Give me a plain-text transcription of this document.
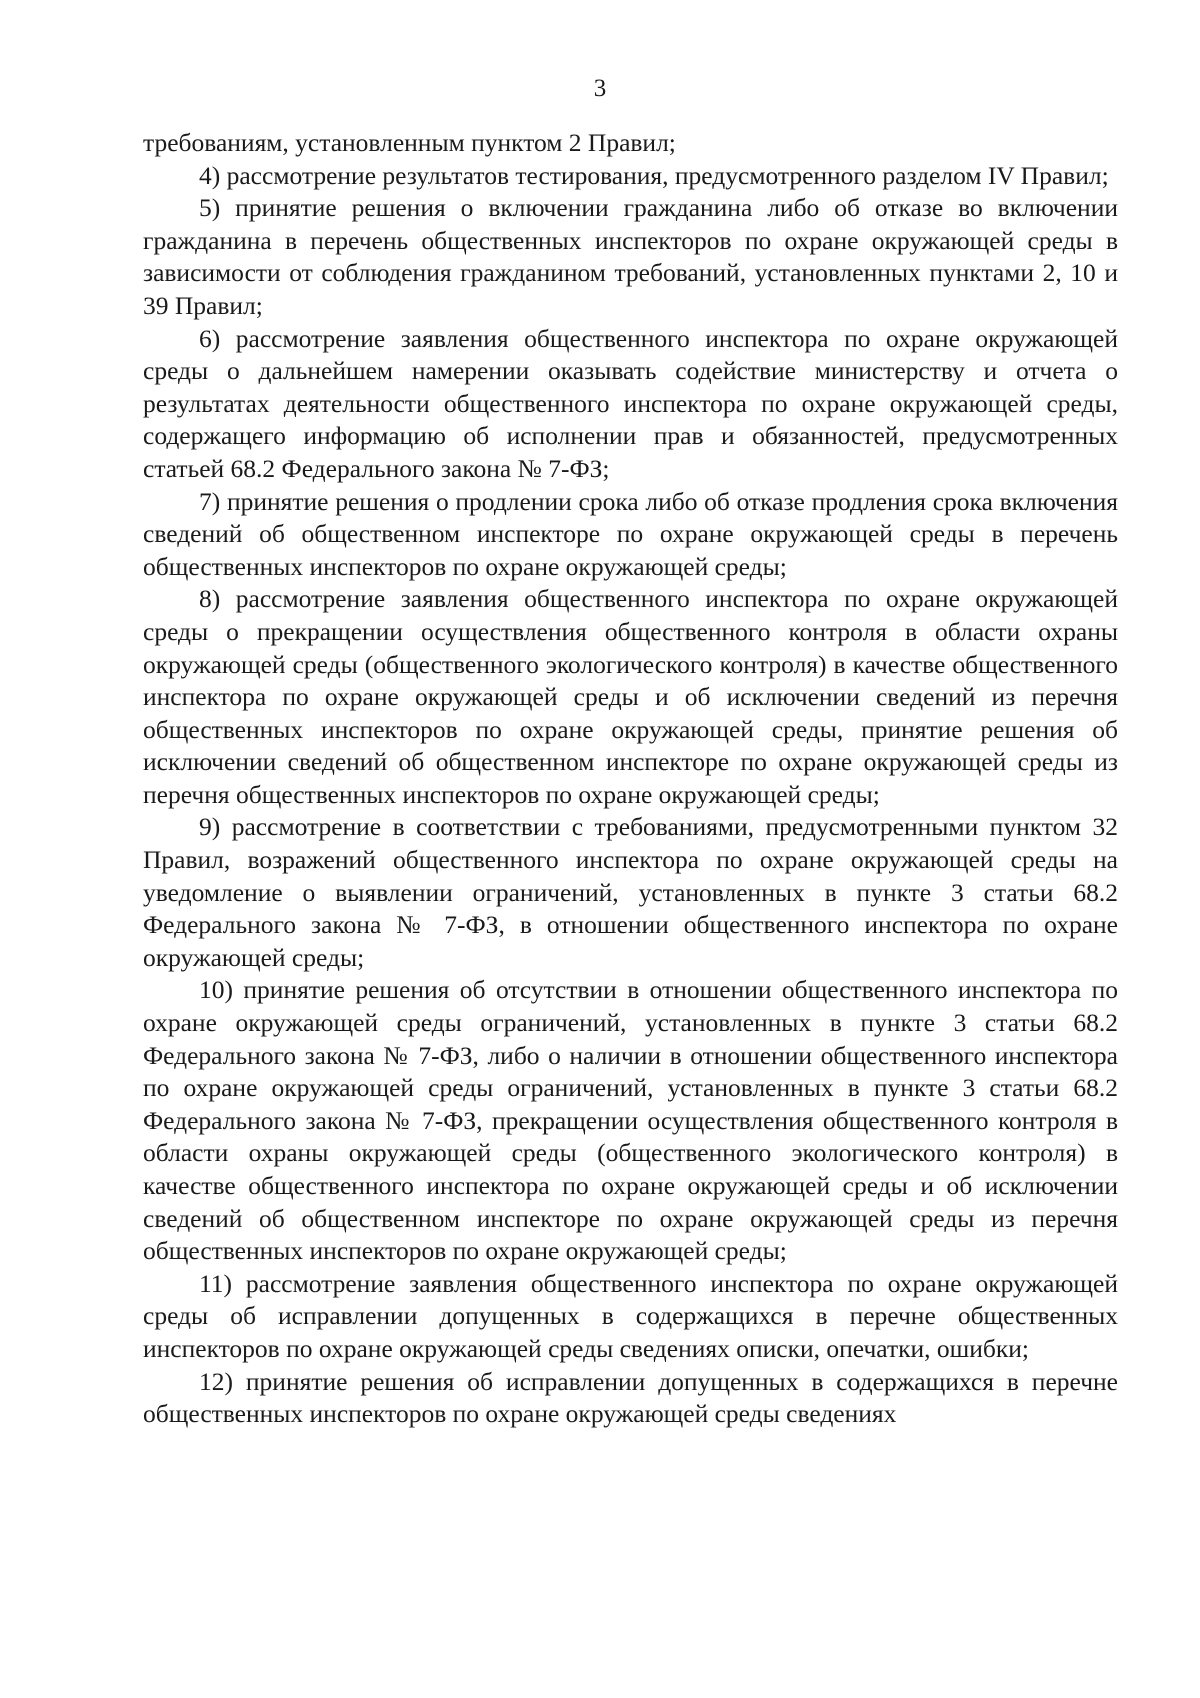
3

требованиям, установленным пунктом 2 Правил;

4) рассмотрение результатов тестирования, предусмотренного разделом IV Правил;

5) принятие решения о включении гражданина либо об отказе во включении гражданина в перечень общественных инспекторов по охране окружающей среды в зависимости от соблюдения гражданином требований, установленных пунктами 2, 10 и 39 Правил;

6) рассмотрение заявления общественного инспектора по охране окружающей среды о дальнейшем намерении оказывать содействие министерству и отчета о результатах деятельности общественного инспектора по охране окружающей среды, содержащего информацию об исполнении прав и обязанностей, предусмотренных статьей 68.2 Федерального закона № 7-ФЗ;

7) принятие решения о продлении срока либо об отказе продления срока включения сведений об общественном инспекторе по охране окружающей среды в перечень общественных инспекторов по охране окружающей среды;

8) рассмотрение заявления общественного инспектора по охране окружающей среды о прекращении осуществления общественного контроля в области охраны окружающей среды (общественного экологического контроля) в качестве общественного инспектора по охране окружающей среды и об исключении сведений из перечня общественных инспекторов по охране окружающей среды, принятие решения об исключении сведений об общественном инспекторе по охране окружающей среды из перечня общественных инспекторов по охране окружающей среды;

9) рассмотрение в соответствии с требованиями, предусмотренными пунктом 32 Правил, возражений общественного инспектора по охране окружающей среды на уведомление о выявлении ограничений, установленных в пункте 3 статьи 68.2 Федерального закона № 7-ФЗ, в отношении общественного инспектора по охране окружающей среды;

10) принятие решения об отсутствии в отношении общественного инспектора по охране окружающей среды ограничений, установленных в пункте 3 статьи 68.2 Федерального закона № 7-ФЗ, либо о наличии в отношении общественного инспектора по охране окружающей среды ограничений, установленных в пункте 3 статьи 68.2 Федерального закона № 7-ФЗ, прекращении осуществления общественного контроля в области охраны окружающей среды (общественного экологического контроля) в качестве общественного инспектора по охране окружающей среды и об исключении сведений об общественном инспекторе по охране окружающей среды из перечня общественных инспекторов по охране окружающей среды;

11) рассмотрение заявления общественного инспектора по охране окружающей среды об исправлении допущенных в содержащихся в перечне общественных инспекторов по охране окружающей среды сведениях описки, опечатки, ошибки;

12) принятие решения об исправлении допущенных в содержащихся в перечне общественных инспекторов по охране окружающей среды сведениях
